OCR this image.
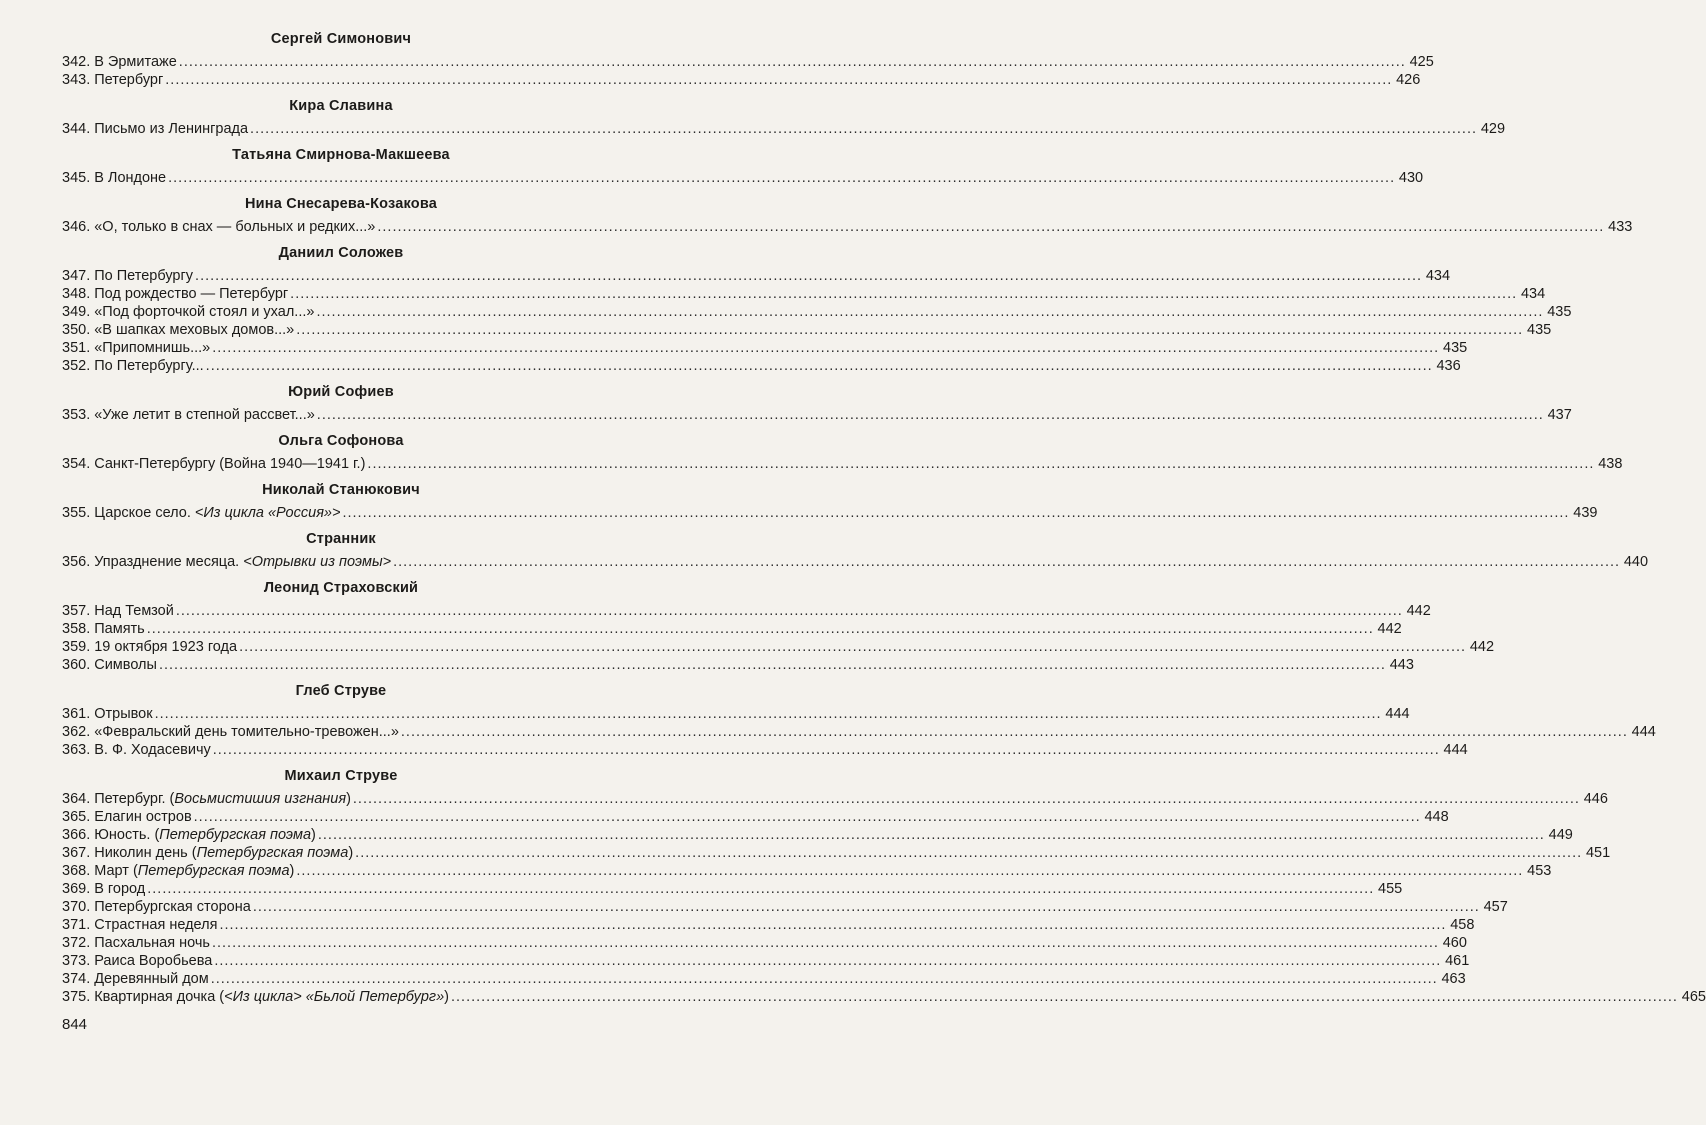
Сергей Симонович
342. В Эрмитаже .....	425
343. Петербург .....	426
Кира Славина
344. Письмо из Ленинграда .....	429
Татьяна Смирнова-Макшеева
345. В Лондоне .....	430
Нина Снесарева-Козакова
346. «О, только в снах — больных и редких...» .....	433
Даниил Соложев
347. По Петербургу .....	434
348. Под рождество — Петербург .....	434
349. «Под форточкой стоял и ухал...» .....	435
350. «В шапках меховых домов...» .....	435
351. «Припомнишь...» .....	435
352. По Петербургу... .....	436
Юрий Софиев
353. «Уже летит в степной рассвет...» .....	437
Ольга Софонова
354. Санкт-Петербургу (Война 1940—1941 г.) .....	438
Николай Станюкович
355. Царское село. <Из цикла «Россия»> .....	439
Странник
356. Упразднение месяца. <Отрывки из поэмы> .....	440
Леонид Страховский
357. Над Темзой .....	442
358. Память .....	442
359. 19 октября 1923 года .....	442
360. Символы .....	443
Глеб Струве
361. Отрывок .....	444
362. «Февральский день томительно-тревожен...» .....	444
363. В. Ф. Ходасевичу .....	444
Михаил Струве
364. Петербург. (Восьмистишия изгнания) .....	446
365. Елагин остров .....	448
366. Юность. (Петербургская поэма) .....	449
367. Николин день (Петербургская поэма) .....	451
368. Март (Петербургская поэма) .....	453
369. В город .....	455
370. Петербургская сторона .....	457
371. Страстная неделя .....	458
372. Пасхальная ночь .....	460
373. Раиса Воробьева .....	461
374. Деревянный дом .....	463
375. Квартирная дочка (<Из цикла> «Бьлой Петербург») .....	465
844
